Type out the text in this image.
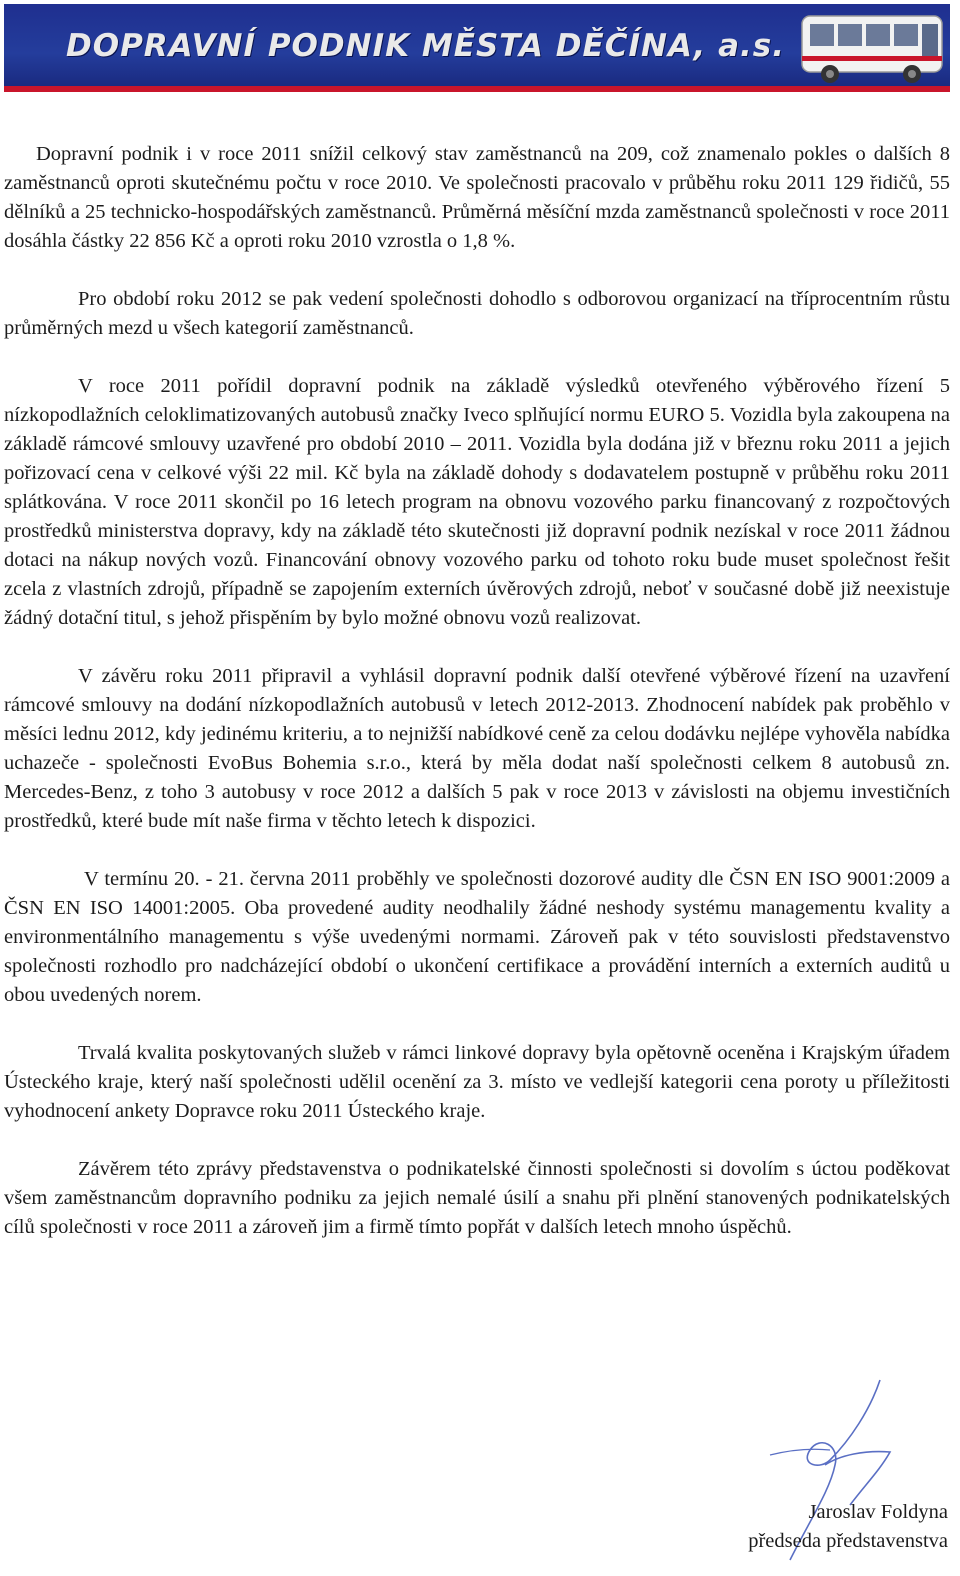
DOPRAVNÍ PODNIK MĚSTA DĚČÍNA, a.s.

Dopravní podnik i v roce 2011 snížil celkový stav zaměstnanců na 209, což znamenalo pokles o dalších 8 zaměstnanců oproti skutečnému počtu v roce 2010. Ve společnosti pracovalo v průběhu roku 2011 129 řidičů, 55 dělníků a 25 technicko-hospodářských zaměstnanců. Průměrná měsíční mzda zaměstnanců společnosti v roce 2011 dosáhla částky 22 856 Kč a oproti roku 2010 vzrostla o 1,8 %.

Pro období roku 2012 se pak vedení společnosti dohodlo s odborovou organizací na tříprocentním růstu průměrných mezd u všech kategorií zaměstnanců.

V roce 2011 pořídil dopravní podnik na základě výsledků otevřeného výběrového řízení 5 nízkopodlažních celoklimatizovaných autobusů značky Iveco splňující normu EURO 5. Vozidla byla zakoupena na základě rámcové smlouvy uzavřené pro období 2010 – 2011. Vozidla byla dodána již v březnu roku 2011 a jejich pořizovací cena v celkové výši 22 mil. Kč byla na základě dohody s dodavatelem postupně v průběhu roku 2011 splátkována. V roce 2011 skončil po 16 letech program na obnovu vozového parku financovaný z rozpočtových prostředků ministerstva dopravy, kdy na základě této skutečnosti již dopravní podnik nezískal v roce 2011 žádnou dotaci na nákup nových vozů. Financování obnovy vozového parku od tohoto roku bude muset společnost řešit zcela z vlastních zdrojů, případně se zapojením externích úvěrových zdrojů, neboť v současné době již neexistuje žádný dotační titul, s jehož přispěním by bylo možné obnovu vozů realizovat.

V závěru roku 2011 připravil a vyhlásil dopravní podnik další otevřené výběrové řízení na uzavření rámcové smlouvy na dodání nízkopodlažních autobusů v letech 2012-2013. Zhodnocení nabídek pak proběhlo v měsíci lednu 2012, kdy jedinému kriteriu, a to nejnižší nabídkové ceně za celou dodávku nejlépe vyhověla nabídka uchazeče - společnosti EvoBus Bohemia s.r.o., která by měla dodat naší společnosti celkem 8 autobusů zn. Mercedes-Benz, z toho 3 autobusy v roce 2012 a dalších 5 pak v roce 2013 v závislosti na objemu investičních prostředků, které bude mít naše firma v těchto letech k dispozici.

V termínu 20. - 21. června 2011 proběhly ve společnosti dozorové audity dle ČSN EN ISO 9001:2009 a ČSN EN ISO 14001:2005. Oba provedené audity neodhalily žádné neshody systému managementu kvality a environmentálního managementu s výše uvedenými normami. Zároveň pak v této souvislosti představenstvo společnosti rozhodlo pro nadcházející období o ukončení certifikace a provádění interních a externích auditů u obou uvedených norem.

Trvalá kvalita poskytovaných služeb v rámci linkové dopravy byla opětovně oceněna i Krajským úřadem Ústeckého kraje, který naší společnosti udělil ocenění za 3. místo ve vedlejší kategorii cena poroty u příležitosti vyhodnocení ankety Dopravce roku 2011 Ústeckého kraje.

Závěrem této zprávy představenstva o podnikatelské činnosti společnosti si dovolím s úctou poděkovat všem zaměstnancům dopravního podniku za jejich nemalé úsilí a snahu při plnění stanovených podnikatelských cílů společnosti v roce 2011 a zároveň jim a firmě tímto popřát v dalších letech mnoho úspěchů.

Jaroslav Foldyna
předseda představenstva
